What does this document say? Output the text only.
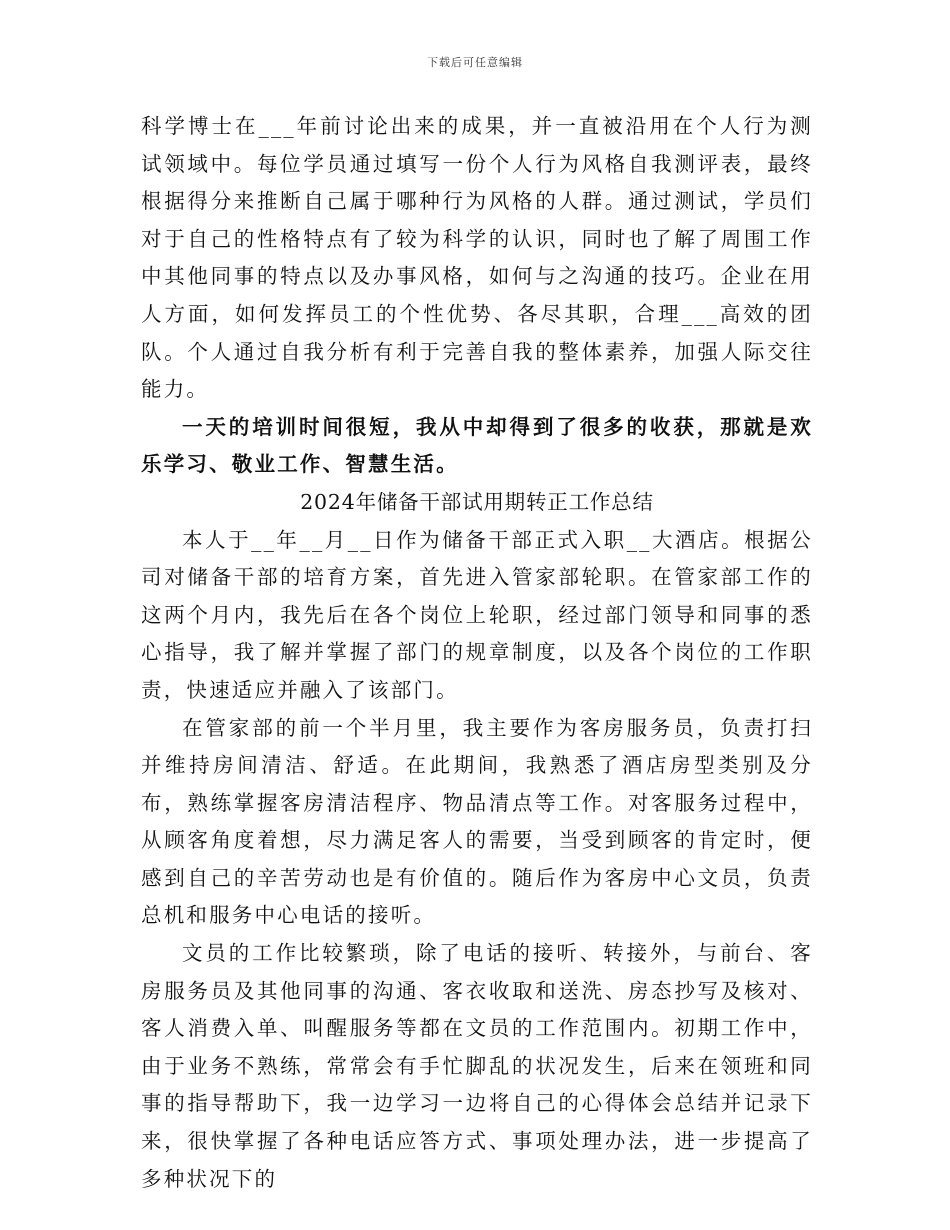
下载后可任意编辑

科学博士在___年前讨论出来的成果，并一直被沿用在个人行为测试领域中。每位学员通过填写一份个人行为风格自我测评表，最终根据得分来推断自己属于哪种行为风格的人群。通过测试，学员们对于自己的性格特点有了较为科学的认识，同时也了解了周围工作中其他同事的特点以及办事风格，如何与之沟通的技巧。企业在用人方面，如何发挥员工的个性优势、各尽其职，合理___高效的团队。个人通过自我分析有利于完善自我的整体素养，加强人际交往能力。

一天的培训时间很短，我从中却得到了很多的收获，那就是欢乐学习、敬业工作、智慧生活。

2024年储备干部试用期转正工作总结

本人于__年__月__日作为储备干部正式入职__大酒店。根据公司对储备干部的培育方案，首先进入管家部轮职。在管家部工作的这两个月内，我先后在各个岗位上轮职，经过部门领导和同事的悉心指导，我了解并掌握了部门的规章制度，以及各个岗位的工作职责，快速适应并融入了该部门。

在管家部的前一个半月里，我主要作为客房服务员，负责打扫并维持房间清洁、舒适。在此期间，我熟悉了酒店房型类别及分布，熟练掌握客房清洁程序、物品清点等工作。对客服务过程中，从顾客角度着想，尽力满足客人的需要，当受到顾客的肯定时，便感到自己的辛苦劳动也是有价值的。随后作为客房中心文员，负责总机和服务中心电话的接听。

文员的工作比较繁琐，除了电话的接听、转接外，与前台、客房服务员及其他同事的沟通、客衣收取和送洗、房态抄写及核对、客人消费入单、叫醒服务等都在文员的工作范围内。初期工作中，由于业务不熟练，常常会有手忙脚乱的状况发生，后来在领班和同事的指导帮助下，我一边学习一边将自己的心得体会总结并记录下来，很快掌握了各种电话应答方式、事项处理办法，进一步提高了多种状况下的
